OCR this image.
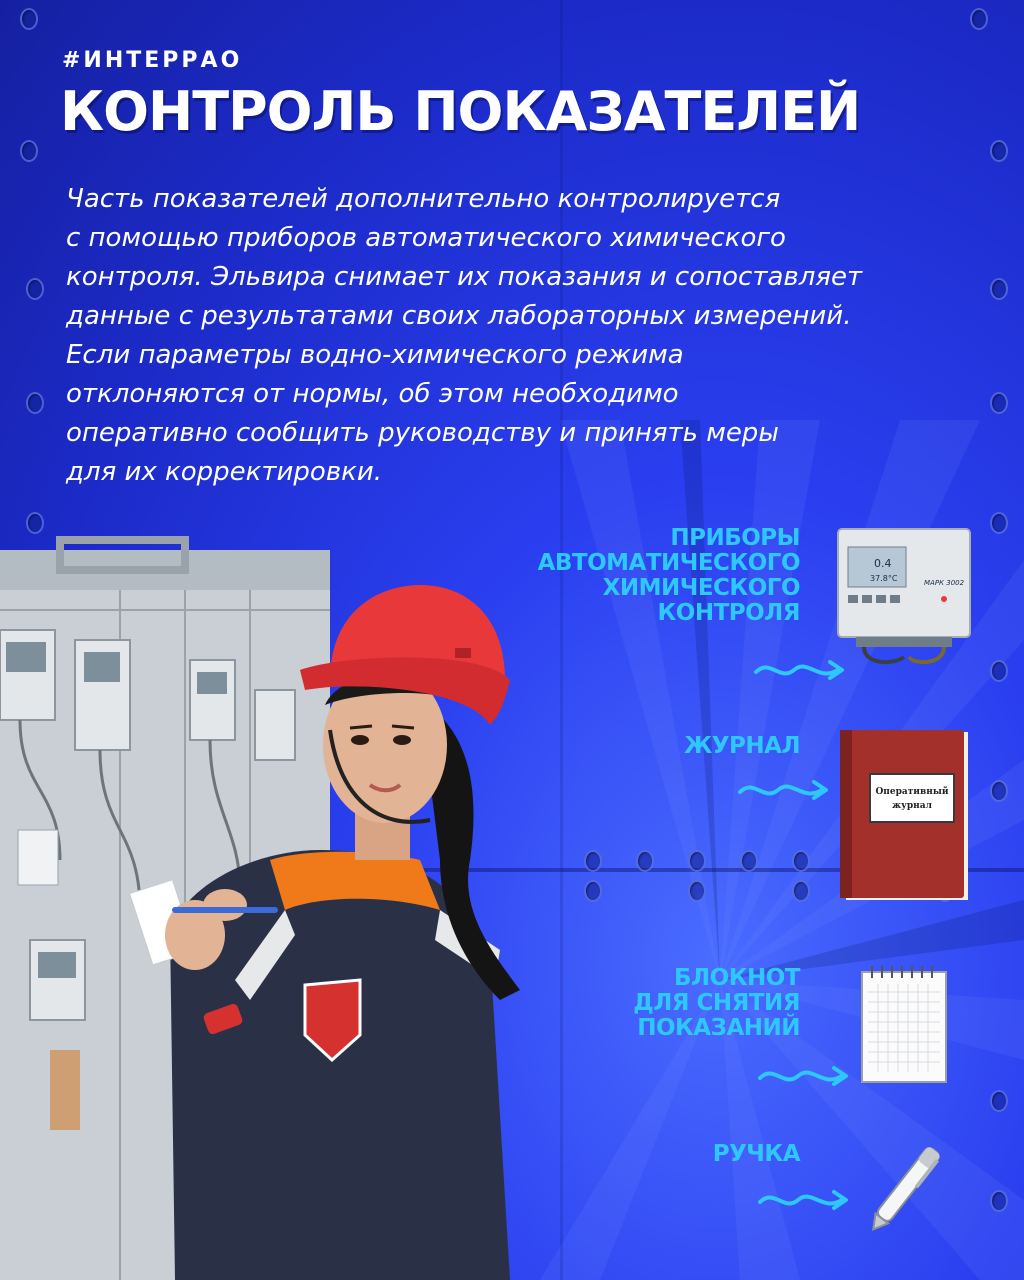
#ИНТЕРРАО
КОНТРОЛЬ ПОКАЗАТЕЛЕЙ
Часть показателей дополнительно контролируется
с помощью приборов автоматического химического
контроля. Эльвира снимает их показания и сопоставляет
данные с результатами своих лабораторных измерений.
Если параметры водно-химического режима
отклоняются от нормы, об этом необходимо
оперативно сообщить руководству и принять меры
для их корректировки.
ПРИБОРЫ
АВТОМАТИЧЕСКОГО
ХИМИЧЕСКОГО
КОНТРОЛЯ
0.4
37.8°C	МАРК 3002
ЖУРНАЛ
Оперативный
журнал
БЛОКНОТ
ДЛЯ СНЯТИЯ
ПОКАЗАНИЙ
РУЧКА
